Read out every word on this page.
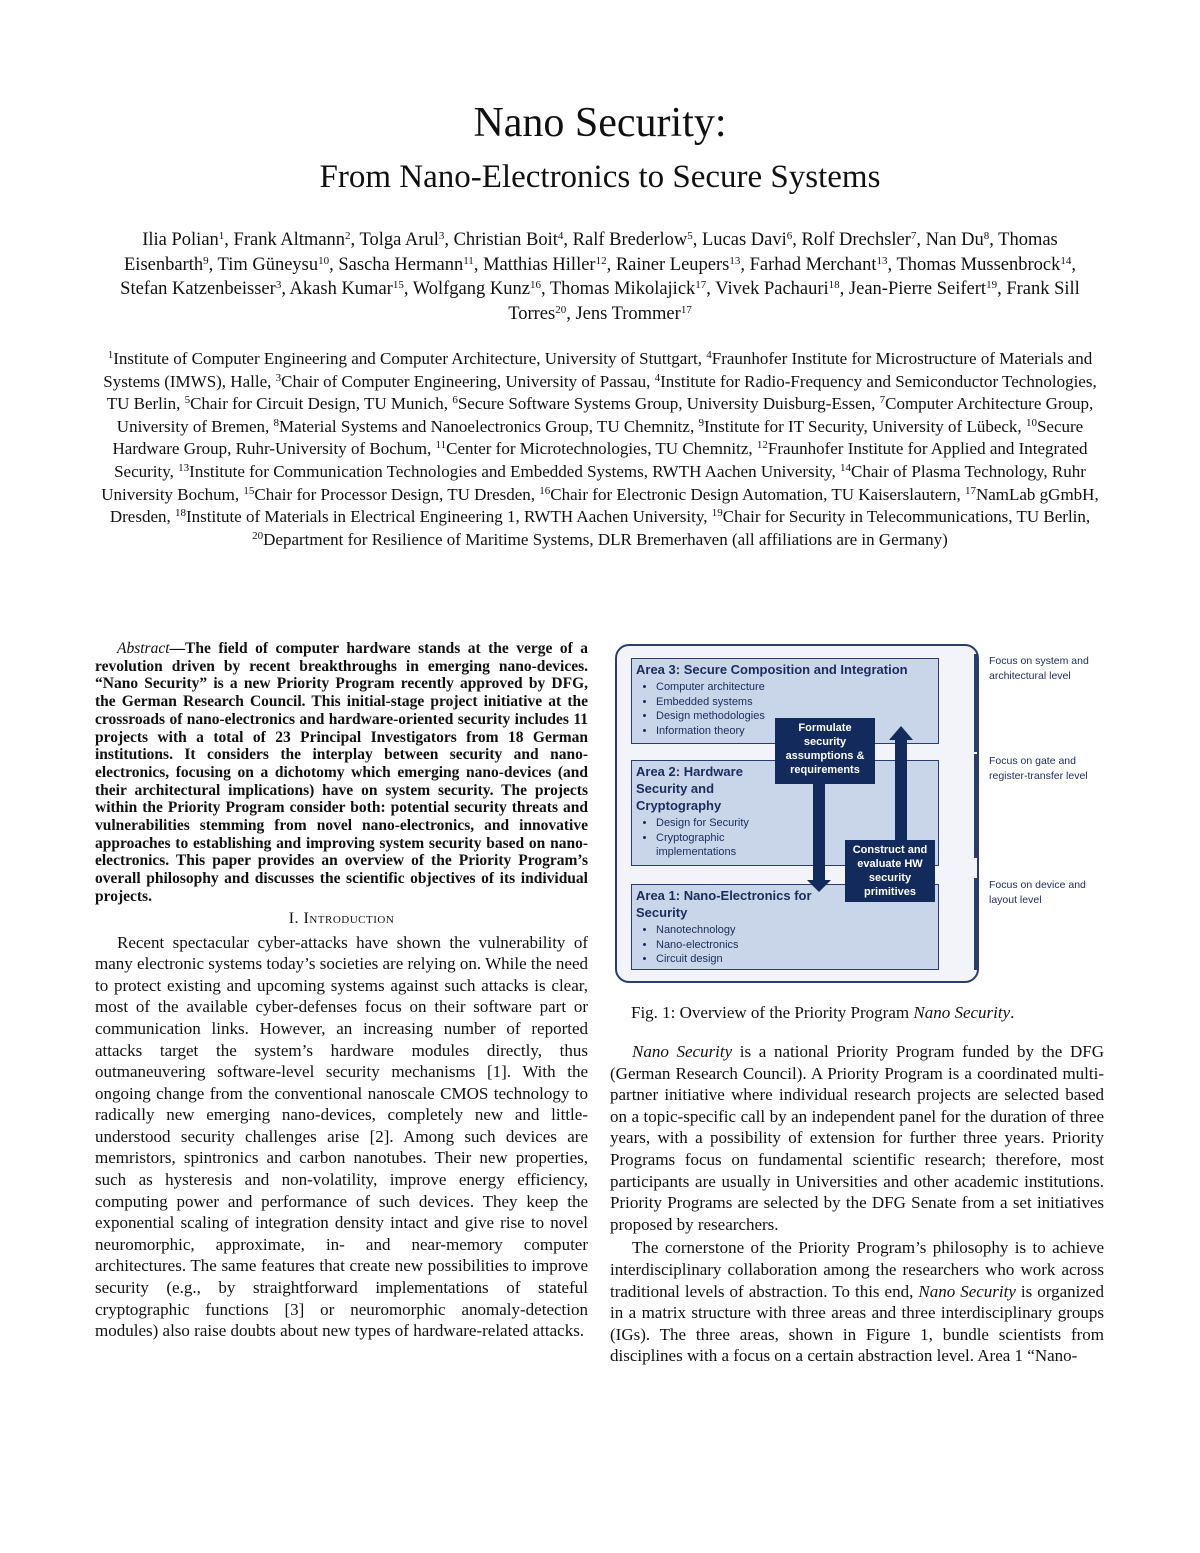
Nano Security:
From Nano-Electronics to Secure Systems
Ilia Polian$^1$, Frank Altmann$^2$, Tolga Arul$^3$, Christian Boit$^4$, Ralf Brederlow$^5$, Lucas Davi$^6$, Rolf Drechsler$^7$, Nan Du$^8$, Thomas Eisenbarth$^9$, Tim Güneysu$^{10}$, Sascha Hermann$^{11}$, Matthias Hiller$^{12}$, Rainer Leupers$^{13}$, Farhad Merchant$^{13}$, Thomas Mussenbrock$^{14}$, Stefan Katzenbeisser$^3$, Akash Kumar$^{15}$, Wolfgang Kunz$^{16}$, Thomas Mikolajick$^{17}$, Vivek Pachauri$^{18}$, Jean-Pierre Seifert$^{19}$, Frank Sill Torres$^{20}$, Jens Trommer$^{17}$
$^1$Institute of Computer Engineering and Computer Architecture, University of Stuttgart, $^4$Fraunhofer Institute for Microstructure of Materials and Systems (IMWS), Halle, $^3$Chair of Computer Engineering, University of Passau, $^4$Institute for Radio-Frequency and Semiconductor Technologies, TU Berlin, $^5$Chair for Circuit Design, TU Munich, $^6$Secure Software Systems Group, University Duisburg-Essen, $^7$Computer Architecture Group, University of Bremen, $^8$Material Systems and Nanoelectronics Group, TU Chemnitz, $^9$Institute for IT Security, University of Lübeck, $^{10}$Secure Hardware Group, Ruhr-University of Bochum, $^{11}$Center for Microtechnologies, TU Chemnitz, $^{12}$Fraunhofer Institute for Applied and Integrated Security, $^{13}$Institute for Communication Technologies and Embedded Systems, RWTH Aachen University, $^{14}$Chair of Plasma Technology, Ruhr University Bochum, $^{15}$Chair for Processor Design, TU Dresden, $^{16}$Chair for Electronic Design Automation, TU Kaiserslautern, $^{17}$NamLab gGmbH, Dresden, $^{18}$Institute of Materials in Electrical Engineering 1, RWTH Aachen University, $^{19}$Chair for Security in Telecommunications, TU Berlin, $^{20}$Department for Resilience of Maritime Systems, DLR Bremerhaven (all affiliations are in Germany)

Abstract—The field of computer hardware stands at the verge of a revolution driven by recent breakthroughs in emerging nano-devices. “Nano Security” is a new Priority Program recently approved by DFG, the German Research Council. This initial-stage project initiative at the crossroads of nano-electronics and hardware-oriented security includes 11 projects with a total of 23 Principal Investigators from 18 German institutions. It considers the interplay between security and nano-electronics, focusing on a dichotomy which emerging nano-devices (and their architectural implications) have on system security. The projects within the Priority Program consider both: potential security threats and vulnerabilities stemming from novel nano-electronics, and innovative approaches to establishing and improving system security based on nano-electronics. This paper provides an overview of the Priority Program’s overall philosophy and discusses the scientific objectives of its individual projects.

I. Introduction

Recent spectacular cyber-attacks have shown the vulnerability of many electronic systems today’s societies are relying on. While the need to protect existing and upcoming systems against such attacks is clear, most of the available cyber-defenses focus on their software part or communication links. However, an increasing number of reported attacks target the system’s hardware modules directly, thus outmaneuvering software-level security mechanisms [1]. With the ongoing change from the conventional nanoscale CMOS technology to radically new emerging nano-devices, completely new and little-understood security challenges arise [2]. Among such devices are memristors, spintronics and carbon nanotubes. Their new properties, such as hysteresis and non-volatility, improve energy efficiency, computing power and performance of such devices. They keep the exponential scaling of integration density intact and give rise to novel neuromorphic, approximate, in- and near-memory computer architectures. The same features that create new possibilities to improve security (e.g., by straightforward implementations of stateful cryptographic functions [3] or neuromorphic anomaly-detection modules) also raise doubts about new types of hardware-related attacks.

Area 3: Secure Composition and Integration
• Computer architecture
• Embedded systems
• Design methodologies
• Information theory
Area 2: Hardware Security and Cryptography
• Design for Security
• Cryptographic implementations
Area 1: Nano-Electronics for Security
• Nanotechnology
• Nano-electronics
• Circuit design
Formulate security assumptions & requirements
Construct and evaluate HW security primitives
Focus on system and architectural level
Focus on gate and register-transfer level
Focus on device and layout level
Fig. 1: Overview of the Priority Program Nano Security.

Nano Security is a national Priority Program funded by the DFG (German Research Council). A Priority Program is a coordinated multi-partner initiative where individual research projects are selected based on a topic-specific call by an independent panel for the duration of three years, with a possibility of extension for further three years. Priority Programs focus on fundamental scientific research; therefore, most participants are usually in Universities and other academic institutions. Priority Programs are selected by the DFG Senate from a set initiatives proposed by researchers.

The cornerstone of the Priority Program’s philosophy is to achieve interdisciplinary collaboration among the researchers who work across traditional levels of abstraction. To this end, Nano Security is organized in a matrix structure with three areas and three interdisciplinary groups (IGs). The three areas, shown in Figure 1, bundle scientists from disciplines with a focus on a certain abstraction level. Area 1 “Nano-
